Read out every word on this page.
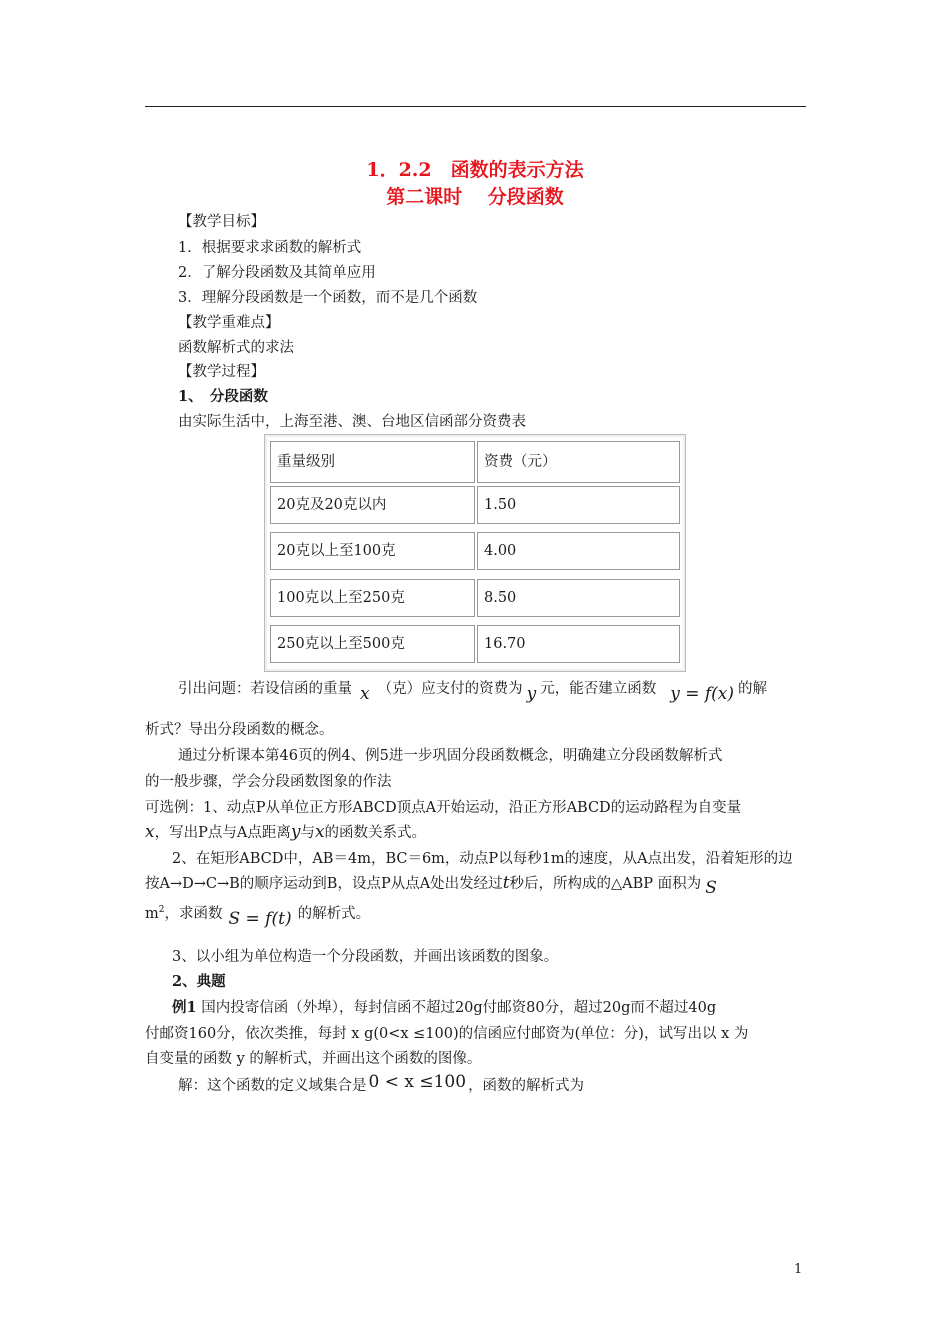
1．2.2　函数的表示方法
第二课时　 分段函数
【教学目标】
1．根据要求求函数的解析式
2．了解分段函数及其简单应用
3．理解分段函数是一个函数，而不是几个函数
【教学重难点】
函数解析式的求法
【教学过程】
1、　分段函数
由实际生活中，上海至港、澳、台地区信函部分资费表
重量级别	资费（元）
20克及20克以内	1.50
20克以上至100克	4.00
100克以上至250克	8.50
250克以上至500克	16.70
引出问题：若设信函的重量 x （克）应支付的资费为 y 元，能否建立函数 y = f(x) 的解
析式？导出分段函数的概念。
通过分析课本第46页的例4、例5进一步巩固分段函数概念，明确建立分段函数解析式
的一般步骤，学会分段函数图象的作法
可选例：1、动点P从单位正方形ABCD顶点A开始运动，沿正方形ABCD的运动路程为自变量
x，写出P点与A点距离y与x的函数关系式。
2、在矩形ABCD中，AB＝4m，BC＝6m，动点P以每秒1m的速度，从A点出发，沿着矩形的边
按A→D→C→B的顺序运动到B，设点P从点A处出发经过t秒后，所构成的△ABP 面积为 S
$m^2$，求函数 S = f(t) 的解析式。
3、以小组为单位构造一个分段函数，并画出该函数的图象。
2、典题
例1 国内投寄信函（外埠），每封信函不超过20g付邮资80分，超过20g而不超过40g
付邮资160分，依次类推，每封 x g(0<x ≤100)的信函应付邮资为(单位：分)，试写出以 x 为
自变量的函数 y 的解析式，并画出这个函数的图像。
解：这个函数的定义域集合是 0 < x ≤100 ，函数的解析式为
1
